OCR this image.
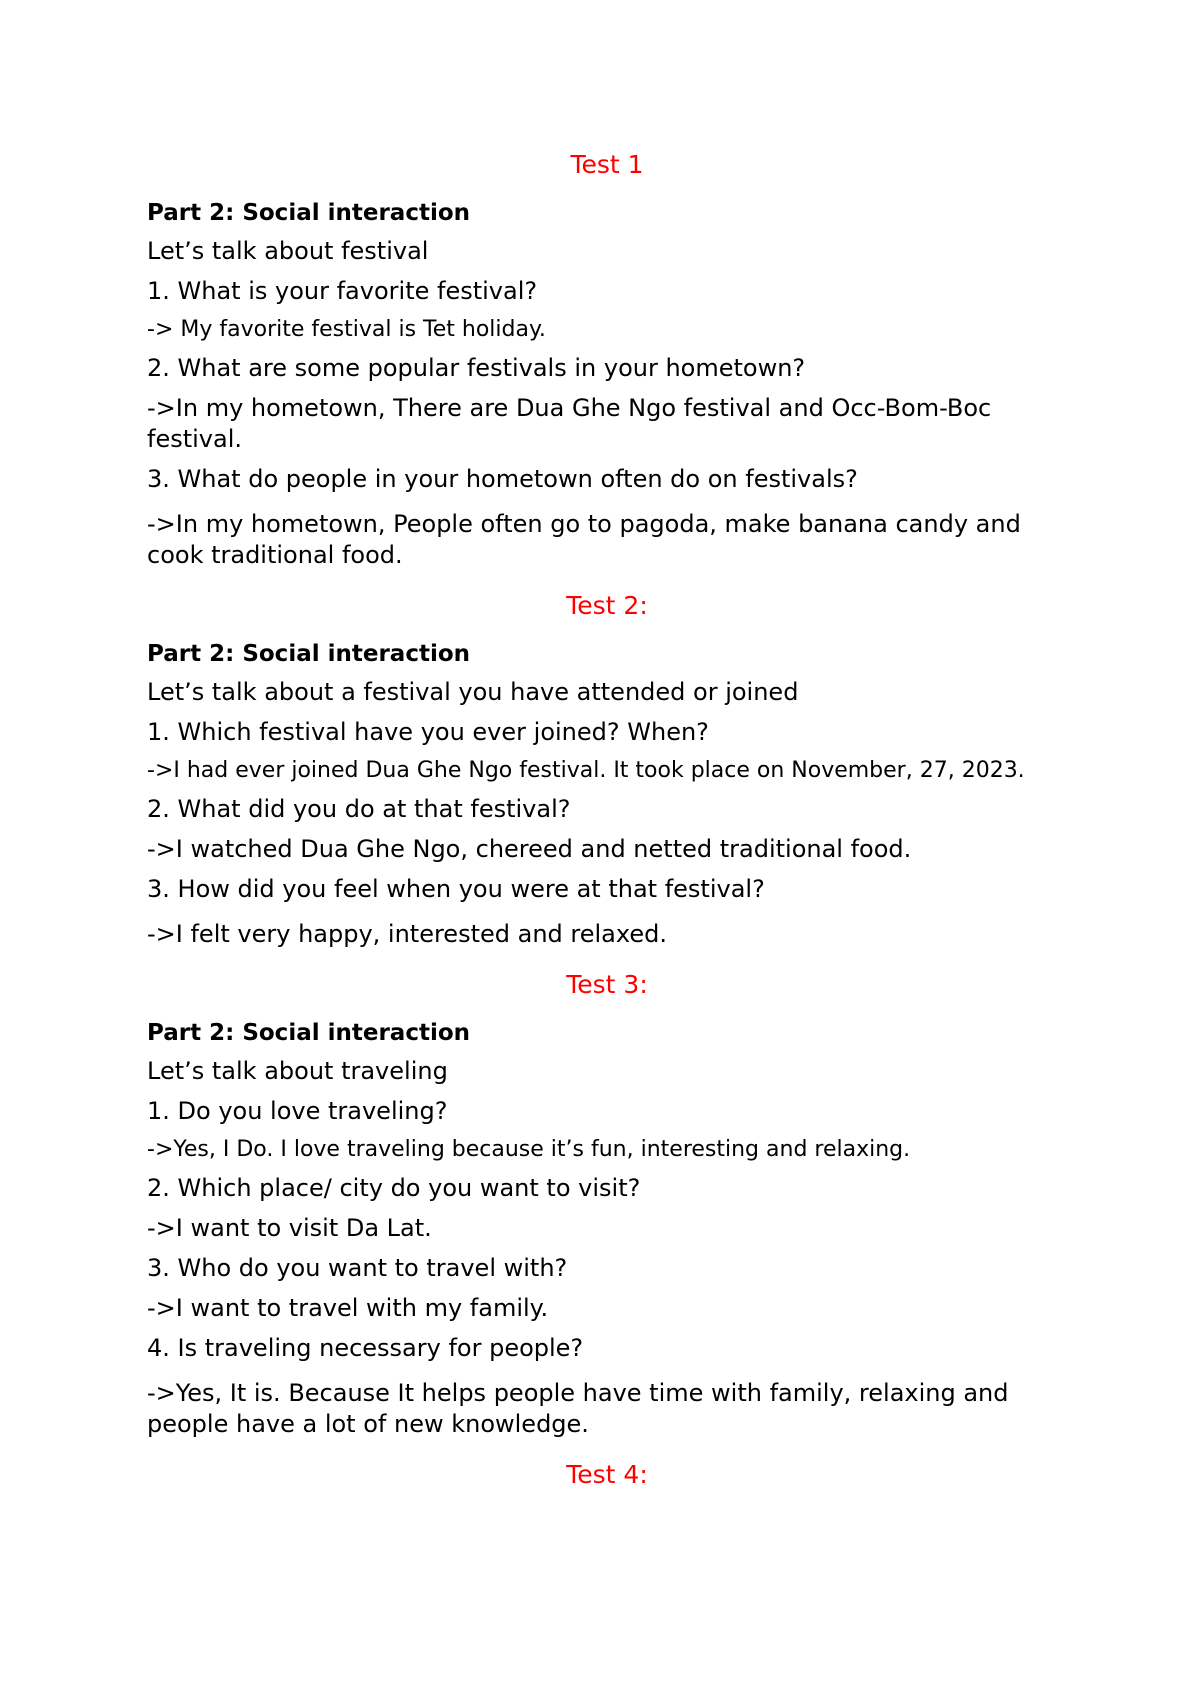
Test 1
Part 2: Social interaction
Let’s talk about festival
1. What is your favorite festival?
-> My favorite festival is Tet holiday.
2. What are some popular festivals in your hometown?
->In my hometown, There are Dua Ghe Ngo festival and Occ-Bom-Boc festival.
3. What do people in your hometown often do on festivals?
->In my hometown, People often go to pagoda, make banana candy and cook traditional food.
Test 2:
Part 2: Social interaction
Let’s talk about a festival you have attended or joined
1. Which festival have you ever joined? When?
->I had ever joined Dua Ghe Ngo festival. It took place on November, 27, 2023.
2. What did you do at that festival?
->I watched Dua Ghe Ngo, chereed and netted traditional food.
3. How did you feel when you were at that festival?
->I felt very happy, interested and relaxed.
Test 3:
Part 2: Social interaction
Let’s talk about traveling
1. Do you love traveling?
->Yes, I Do. I love traveling because it’s fun, interesting and relaxing.
2. Which place/ city do you want to visit?
->I want to visit Da Lat.
3. Who do you want to travel with?
->I want to travel with my family.
4. Is traveling necessary for people?
->Yes, It is. Because It helps people have time with family, relaxing and people have a lot of new knowledge.
Test 4:
